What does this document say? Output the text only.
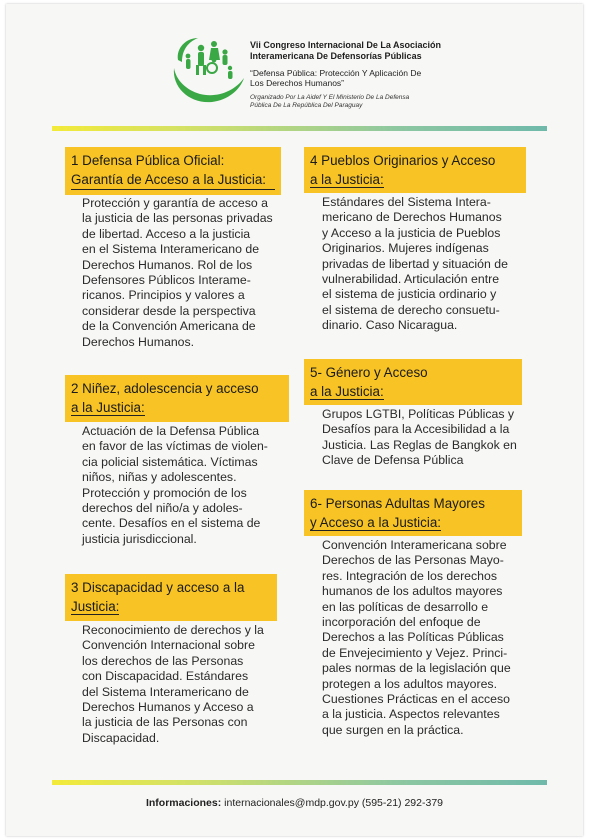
Vii Congreso Internacional De La Asociación
Interamericana De Defensorías Públicas
“Defensa Pública: Protección Y Aplicación De
Los Derechos Humanos”
Organizado Por La Aidef Y El Ministerio De La Defensa
Pública De La República Del Paraguay
1 Defensa Pública Oficial:
Garantía de Acceso a la Justicia:
Protección y garantía de acceso a
la justicia de las personas privadas
de libertad. Acceso a la justicia
en el Sistema Interamericano de
Derechos Humanos. Rol de los
Defensores Públicos Interame-
ricanos. Principios y valores a
considerar desde la perspectiva
de la Convención Americana de
Derechos Humanos.
2 Niñez, adolescencia y acceso
a la Justicia:
Actuación de la Defensa Pública
en favor de las víctimas de violen-
cia policial sistemática. Víctimas
niños, niñas y adolescentes.
Protección y promoción de los
derechos del niño/a y adoles-
cente. Desafíos en el sistema de
justicia jurisdiccional.
3 Discapacidad y acceso a la
Justicia:
Reconocimiento de derechos y la
Convención Internacional sobre
los derechos de las Personas
con Discapacidad. Estándares
del Sistema Interamericano de
Derechos Humanos y Acceso a
la justicia de las Personas con
Discapacidad.
4 Pueblos Originarios y Acceso
a la Justicia:
Estándares del Sistema Intera-
mericano de Derechos Humanos
y Acceso a la justicia de Pueblos
Originarios. Mujeres indígenas
privadas de libertad y situación de
vulnerabilidad. Articulación entre
el sistema de justicia ordinario y
el sistema de derecho consuetu-
dinario. Caso Nicaragua.
5- Género y Acceso
a la Justicia:
Grupos LGTBI, Políticas Públicas y
Desafíos para la Accesibilidad a la
Justicia. Las Reglas de Bangkok en
Clave de Defensa Pública
6- Personas Adultas Mayores
y Acceso a la Justicia:
Convención Interamericana sobre
Derechos de las Personas Mayo-
res. Integración de los derechos
humanos de los adultos mayores
en las políticas de desarrollo e
incorporación del enfoque de
Derechos a las Políticas Públicas
de Envejecimiento y Vejez. Princi-
pales normas de la legislación que
protegen a los adultos mayores.
Cuestiones Prácticas en el acceso
a la justicia. Aspectos relevantes
que surgen en la práctica.
Informaciones: internacionales@mdp.gov.py (595-21) 292-379
